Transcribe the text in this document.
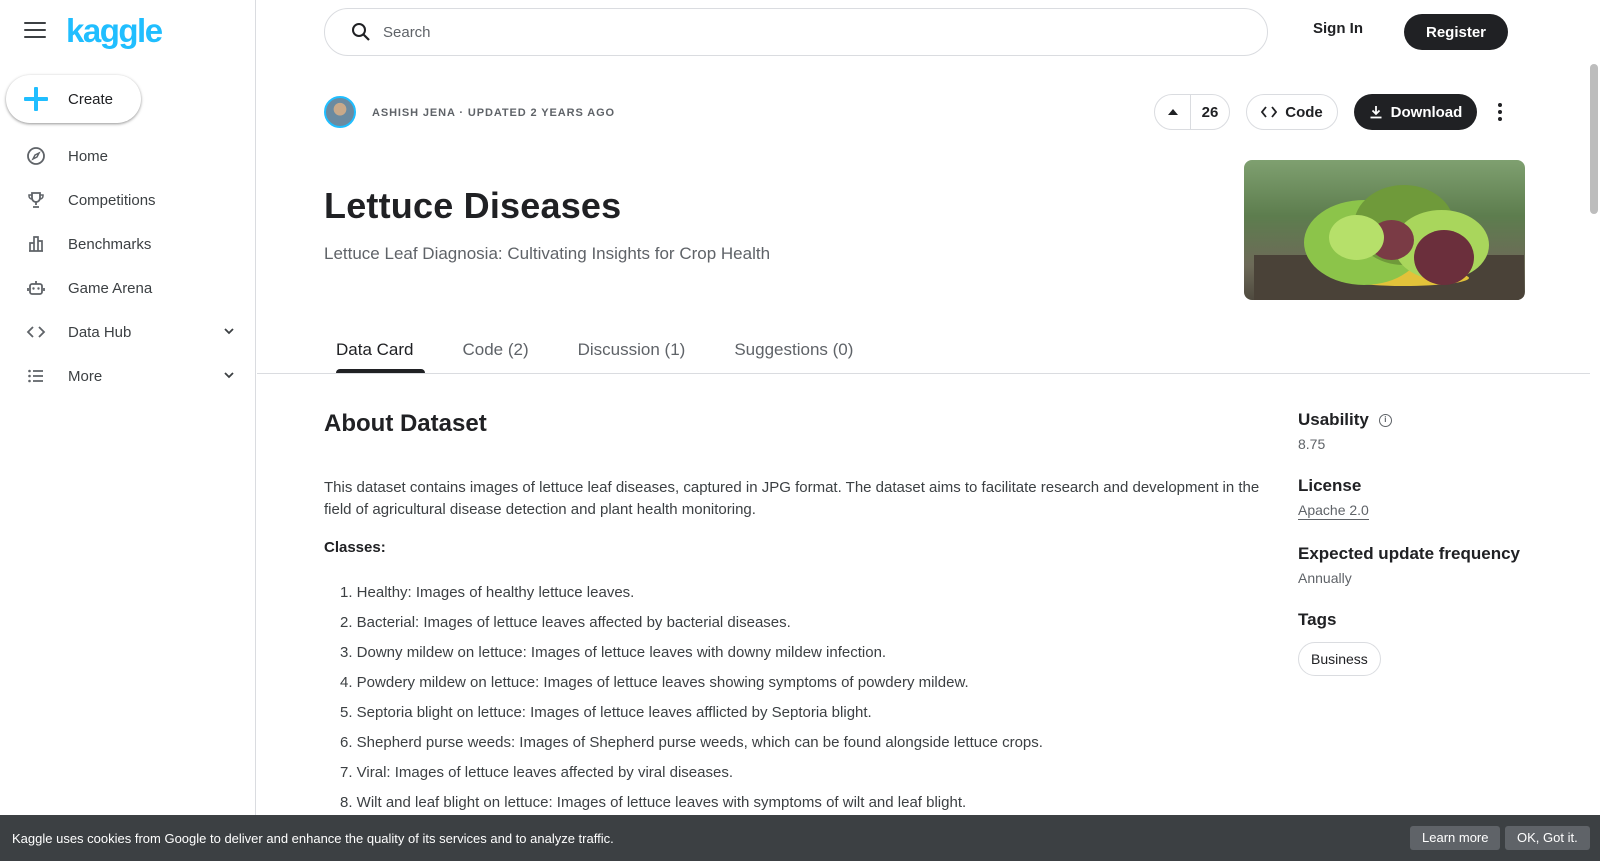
kaggle
Create
Home
Competitions
Benchmarks
Game Arena
Data Hub
More
Search
Sign In	Register
ASHISH JENA · UPDATED 2 YEARS AGO	26	Code	Download
Lettuce Diseases
Lettuce Leaf Diagnosia: Cultivating Insights for Crop Health
Data Card	Code (2)	Discussion (1)	Suggestions (0)
About Dataset
This dataset contains images of lettuce leaf diseases, captured in JPG format. The dataset aims to facilitate research and development in the field of agricultural disease detection and plant health monitoring.
Classes:
1. Healthy: Images of healthy lettuce leaves.
2. Bacterial: Images of lettuce leaves affected by bacterial diseases.
3. Downy mildew on lettuce: Images of lettuce leaves with downy mildew infection.
4. Powdery mildew on lettuce: Images of lettuce leaves showing symptoms of powdery mildew.
5. Septoria blight on lettuce: Images of lettuce leaves afflicted by Septoria blight.
6. Shepherd purse weeds: Images of Shepherd purse weeds, which can be found alongside lettuce crops.
7. Viral: Images of lettuce leaves affected by viral diseases.
8. Wilt and leaf blight on lettuce: Images of lettuce leaves with symptoms of wilt and leaf blight.
Usability	i
8.75
License
Apache 2.0
Expected update frequency
Annually
Tags
Business
Kaggle uses cookies from Google to deliver and enhance the quality of its services and to analyze traffic.	Learn more	OK, Got it.
